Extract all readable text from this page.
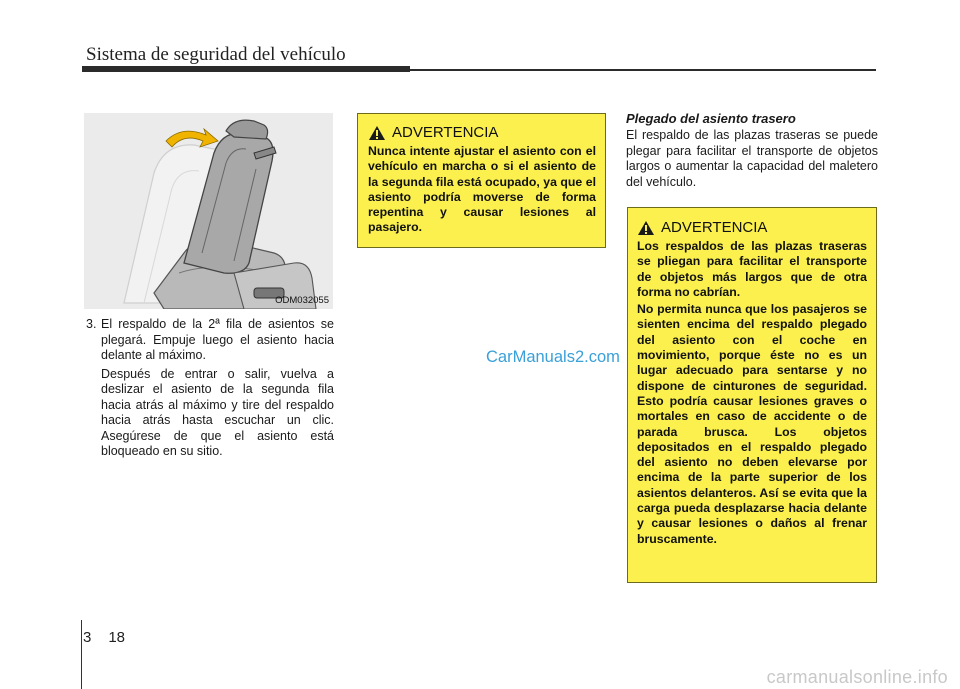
Sistema de seguridad del vehículo
ODM032055
3. El respaldo de la 2ª fila de asientos se plegará. Empuje luego el asiento hacia delante al máximo.

Después de entrar o salir, vuelva a deslizar el asiento de la segunda fila hacia atrás al máximo y tire del respaldo hacia atrás hasta escuchar un clic. Asegúrese de que el asiento está bloqueado en su sitio.

ADVERTENCIA

Nunca intente ajustar el asiento con el vehículo en marcha o si el asiento de la segunda fila está ocupado, ya que el asiento podría moverse de forma repentina y causar lesiones al pasajero.

Plegado del asiento trasero
El respaldo de las plazas traseras se puede plegar para facilitar el transporte de objetos largos o aumentar la capacidad del maletero del vehículo.
ADVERTENCIA

Los respaldos de las plazas traseras se pliegan para facilitar el transporte de objetos más largos que de otra forma no cabrían.

No permita nunca que los pasajeros se sienten encima del respaldo plegado del asiento con el coche en movimiento, porque éste no es un lugar adecuado para sentarse y no dispone de cinturones de seguridad. Esto podría causar lesiones graves o mortales en caso de accidente o de parada brusca. Los objetos depositados en el respaldo plegado del asiento no deben elevarse por encima de la parte superior de los asientos delanteros. Así se evita que la carga pueda desplazarse hacia delante y causar lesiones o daños al frenar bruscamente.

CarManuals2.com
3 18
carmanualsonline.info
